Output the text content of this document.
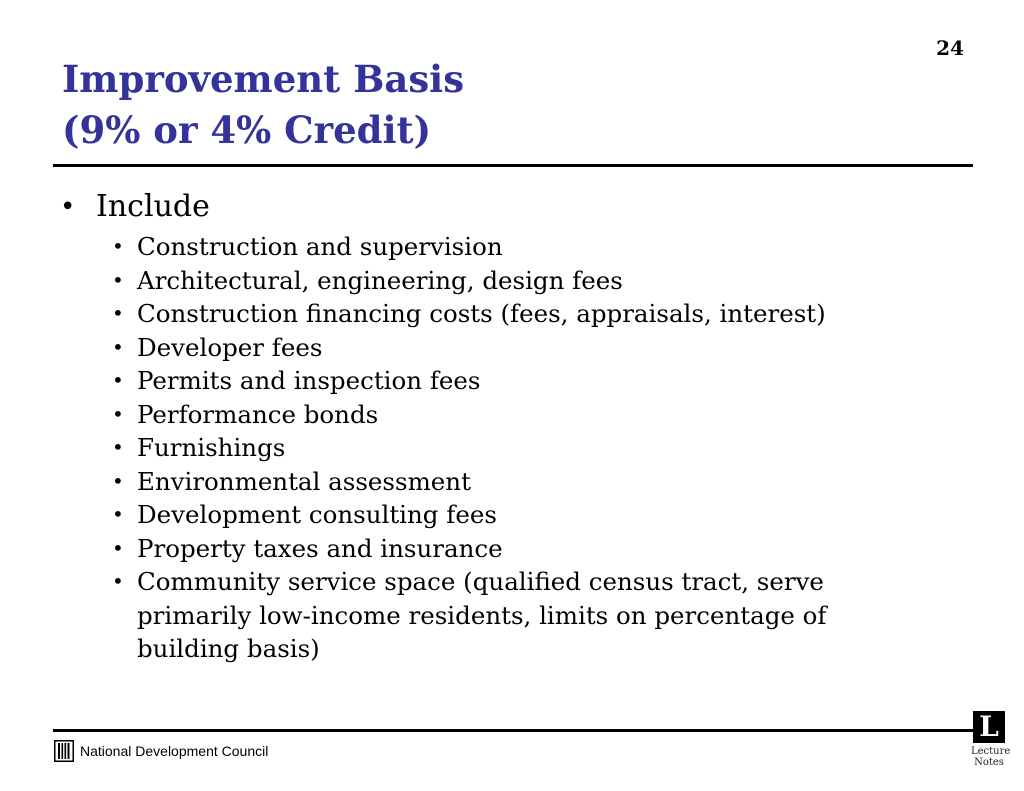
24
Improvement Basis
(9% or 4% Credit)
• Include
• Construction and supervision
• Architectural, engineering, design fees
• Construction financing costs (fees, appraisals, interest)
• Developer fees
• Permits and inspection fees
• Performance bonds
• Furnishings
• Environmental assessment
• Development consulting fees
• Property taxes and insurance
• Community service space (qualified census tract, serve primarily low-income residents, limits on percentage of building basis)
National Development Council
L
Lecture
Notes
